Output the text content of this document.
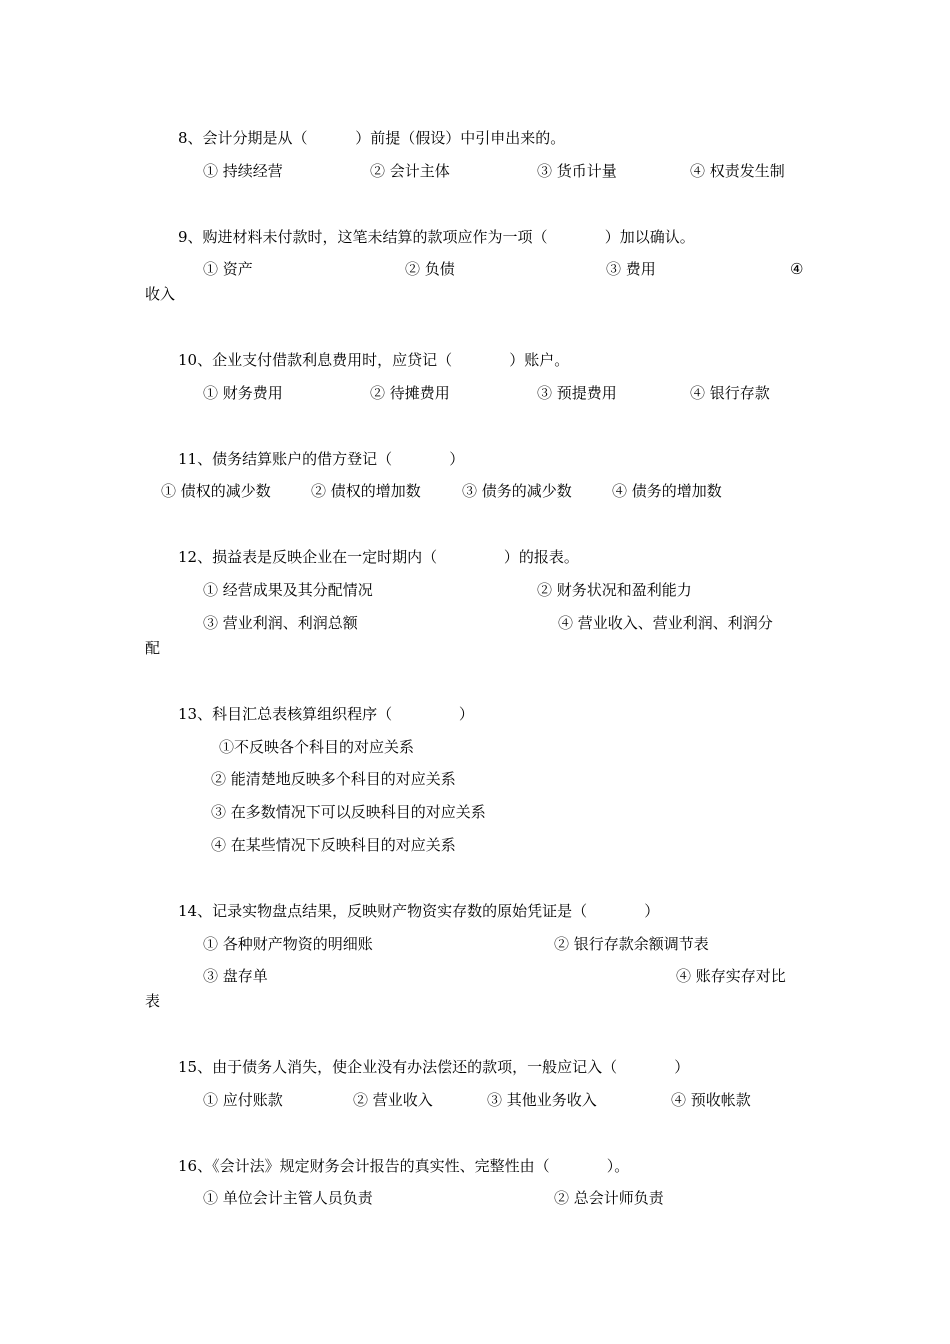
8、会计分期是从（          ）前提（假设）中引申出来的。
① 持续经营	② 会计主体	③ 货币计量	④ 权责发生制
9、购进材料未付款时，这笔未结算的款项应作为一项（            ）加以确认。
① 资产	② 负债	③ 费用	④
收入
10、企业支付借款利息费用时，应贷记（            ）账户。
① 财务费用	② 待摊费用	③ 预提费用	④ 银行存款
11、债务结算账户的借方登记（            ）
① 债权的减少数	② 债权的增加数	③ 债务的减少数	④ 债务的增加数
12、损益表是反映企业在一定时期内（              ）的报表。
① 经营成果及其分配情况	② 财务状况和盈利能力
③ 营业利润、利润总额	④ 营业收入、营业利润、利润分
配
13、科目汇总表核算组织程序（              ）
①不反映各个科目的对应关系
② 能清楚地反映多个科目的对应关系
③ 在多数情况下可以反映科目的对应关系
④ 在某些情况下反映科目的对应关系
14、记录实物盘点结果，反映财产物资实存数的原始凭证是（            ）
① 各种财产物资的明细账	② 银行存款余额调节表
③ 盘存单	④ 账存实存对比
表
15、由于债务人消失，使企业没有办法偿还的款项，一般应记入（            ）
① 应付账款	② 营业收入	③ 其他业务收入	④ 预收帐款
16、《会计法》规定财务会计报告的真实性、完整性由（            ）。
① 单位会计主管人员负责	② 总会计师负责
